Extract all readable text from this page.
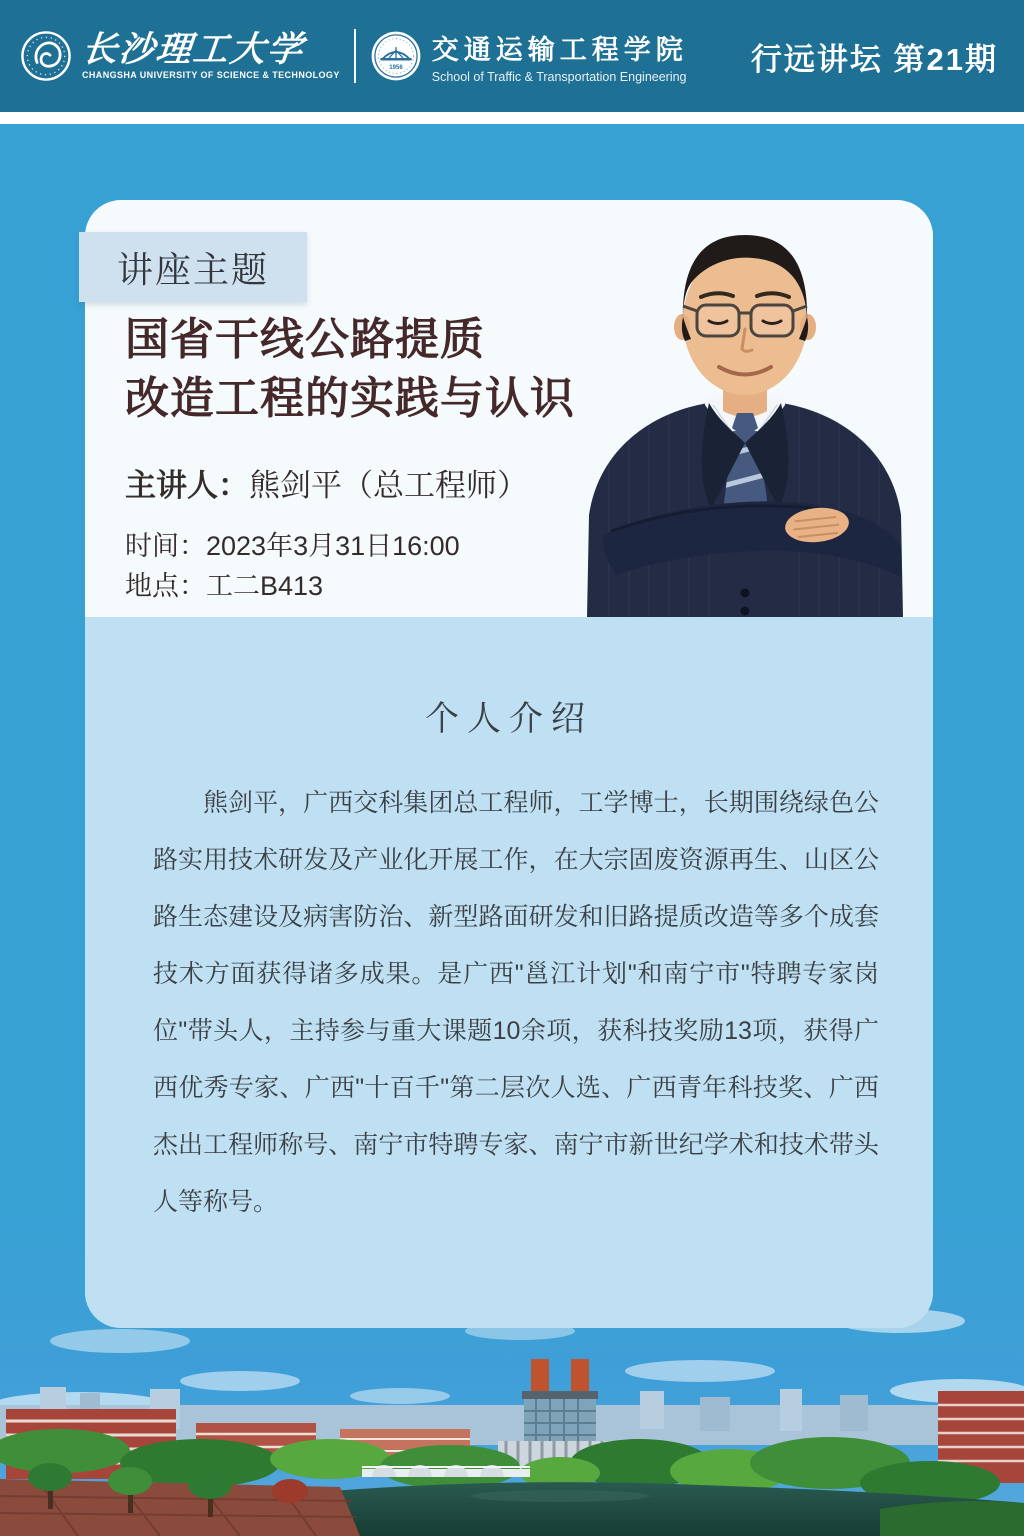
长沙理工大学
CHANGSHA UNIVERSITY OF SCIENCE & TECHNOLOGY
1956
交通运输工程学院
School of Traffic & Transportation Engineering
行远讲坛 第21期
国省干线公路提质
改造工程的实践与认识
主讲人：熊剑平（总工程师）
时间：2023年3月31日16:00
地点：工二B413
讲座主题
个人介绍

熊剑平，广西交科集团总工程师，工学博士，长期围绕绿色公路实用技术研发及产业化开展工作，在大宗固废资源再生、山区公路生态建设及病害防治、新型路面研发和旧路提质改造等多个成套技术方面获得诸多成果。是广西"邕江计划"和南宁市"特聘专家岗位"带头人，主持参与重大课题10余项，获科技奖励13项，获得广西优秀专家、广西"十百千"第二层次人选、广西青年科技奖、广西杰出工程师称号、南宁市特聘专家、南宁市新世纪学术和技术带头人等称号。
